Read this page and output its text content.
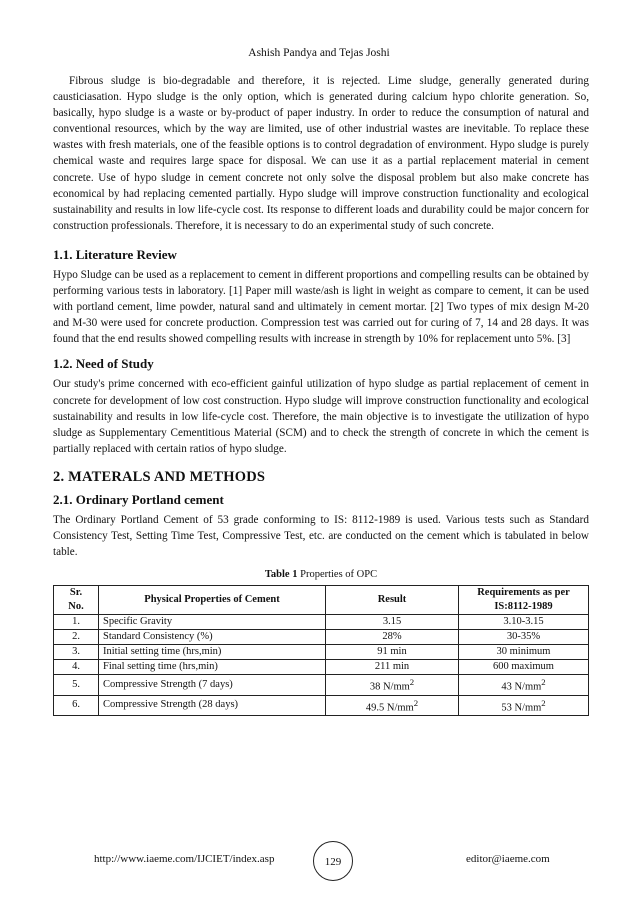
Ashish Pandya and Tejas Joshi

Fibrous sludge is bio-degradable and therefore, it is rejected. Lime sludge, generally generated during causticiasation. Hypo sludge is the only option, which is generated during calcium hypo chlorite generation. So, basically, hypo sludge is a waste or by-product of paper industry. In order to reduce the consumption of natural and conventional resources, which by the way are limited, use of other industrial wastes are inevitable. To replace these wastes with fresh materials, one of the feasible options is to control degradation of environment. Hypo sludge is purely chemical waste and requires large space for disposal. We can use it as a partial replacement material in cement concrete. Use of hypo sludge in cement concrete not only solve the disposal problem but also make concrete has economical by had replacing cemented partially. Hypo sludge will improve construction functionality and ecological sustainability and results in low life-cycle cost. Its response to different loads and durability could be major concern for construction professionals. Therefore, it is necessary to do an experimental study of such concrete.

1.1. Literature Review

Hypo Sludge can be used as a replacement to cement in different proportions and compelling results can be obtained by performing various tests in laboratory. [1] Paper mill waste/ash is light in weight as compare to cement, it can be used with portland cement, lime powder, natural sand and ultimately in cement mortar. [2] Two types of mix design M-20 and M-30 were used for concrete production. Compression test was carried out for curing of 7, 14 and 28 days. It was found that the end results showed compelling results with increase in strength by 10% for replacement unto 5%. [3]

1.2. Need of Study

Our study's prime concerned with eco-efficient gainful utilization of hypo sludge as partial replacement of cement in concrete for development of low cost construction. Hypo sludge will improve construction functionality and ecological sustainability and results in low life-cycle cost. Therefore, the main objective is to investigate the utilization of hypo sludge as Supplementary Cementitious Material (SCM) and to check the strength of concrete in which the cement is partially replaced with certain ratios of hypo sludge.

2. MATERALS AND METHODS
2.1. Ordinary Portland cement

The Ordinary Portland Cement of 53 grade conforming to IS: 8112-1989 is used. Various tests such as Standard Consistency Test, Setting Time Test, Compressive Test, etc. are conducted on the cement which is tabulated in below table.

Table 1 Properties of OPC
Sr.
No.	Physical Properties of Cement	Result	Requirements as per
IS:8112-1989
1.	Specific Gravity	3.15	3.10-3.15
2.	Standard Consistency (%)	28%	30-35%
3.	Initial setting time (hrs,min)	91 min	30 minimum
4.	Final setting time (hrs,min)	211 min	600 maximum
5.	Compressive Strength (7 days)	38 $N/mm^2$	43 $N/mm^2$
6.	Compressive Strength (28 days)	49.5 $N/mm^2$	53 $N/mm^2$
http://www.iaeme.com/IJCIET/index.asp	129	editor@iaeme.com
